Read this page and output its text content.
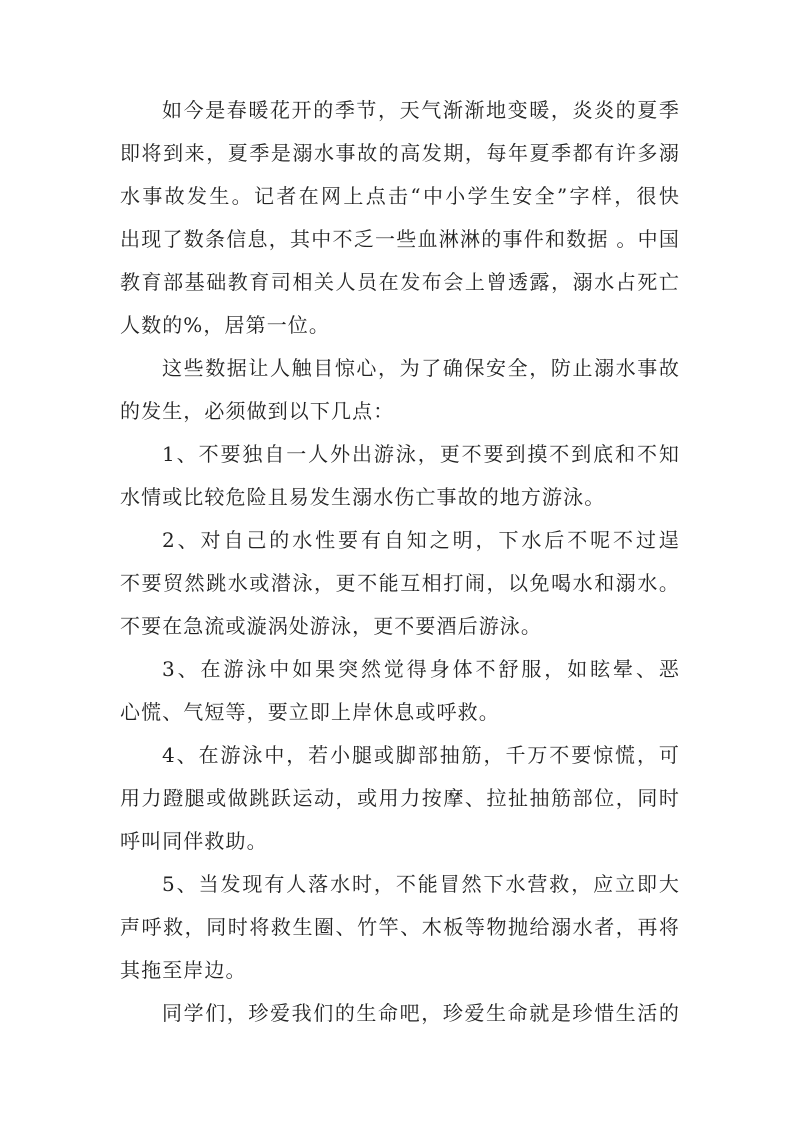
如今是春暖花开的季节，天气渐渐地变暖，炎炎的夏季
即将到来，夏季是溺水事故的高发期，每年夏季都有许多溺
水事故发生。记者在网上点击“中小学生安全”字样，很快
出现了数条信息，其中不乏一些血淋淋的事件和数据 。中国
教育部基础教育司相关人员在发布会上曾透露，溺水占死亡
人数的%，居第一位。
这些数据让人触目惊心，为了确保安全，防止溺水事故
的发生，必须做到以下几点：
1、不要独自一人外出游泳，更不要到摸不到底和不知
水情或比较危险且易发生溺水伤亡事故的地方游泳。
2、对自己的水性要有自知之明，下水后不呢不过逞
不要贸然跳水或潜泳，更不能互相打闹，以免喝水和溺水。
不要在急流或漩涡处游泳，更不要酒后游泳。
3、在游泳中如果突然觉得身体不舒服，如眩晕、恶
心慌、气短等，要立即上岸休息或呼救。
4、在游泳中，若小腿或脚部抽筋，千万不要惊慌，可
用力蹬腿或做跳跃运动，或用力按摩、拉扯抽筋部位，同时
呼叫同伴救助。
5、当发现有人落水时，不能冒然下水营救，应立即大
声呼救，同时将救生圈、竹竿、木板等物抛给溺水者，再将
其拖至岸边。
同学们，珍爱我们的生命吧，珍爱生命就是珍惜生活的
